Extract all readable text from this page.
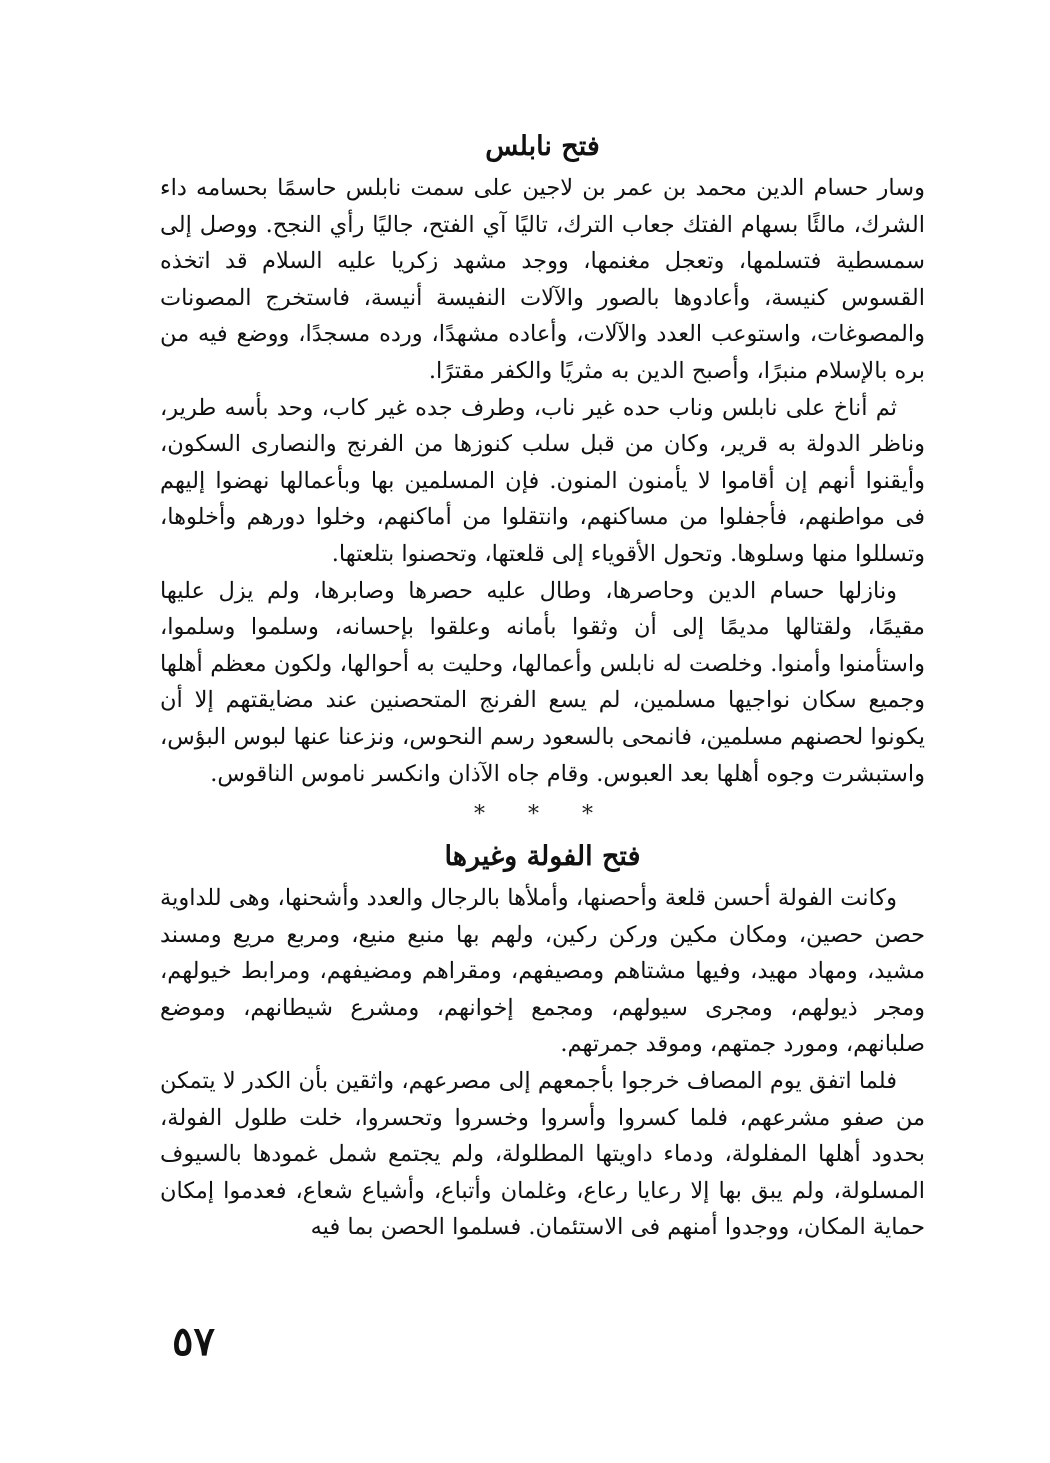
فتح نابلس

وسار حسام الدين محمد بن عمر بن لاجين على سمت نابلس حاسمًا بحسامه داء الشرك، مالئًا بسهام الفتك جعاب الترك، تاليًا آي الفتح، جاليًا رأي النجح. ووصل إلى سمسطية فتسلمها، وتعجل مغنمها، ووجد مشهد زكريا عليه السلام قد اتخذه القسوس كنيسة، وأعادوها بالصور والآلات النفيسة أنيسة، فاستخرج المصونات والمصوغات، واستوعب العدد والآلات، وأعاده مشهدًا، ورده مسجدًا، ووضع فيه من بره بالإسلام منبرًا، وأصبح الدين به مثريًا والكفر مقترًا.

ثم أناخ على نابلس وناب حده غير ناب، وطرف جده غير كاب، وحد بأسه طرير، وناظر الدولة به قرير، وكان من قبل سلب كنوزها من الفرنج والنصارى السكون، وأيقنوا أنهم إن أقاموا لا يأمنون المنون. فإن المسلمين بها وبأعمالها نهضوا إليهم فى مواطنهم، فأجفلوا من مساكنهم، وانتقلوا من أماكنهم، وخلوا دورهم وأخلوها، وتسللوا منها وسلوها. وتحول الأقوياء إلى قلعتها، وتحصنوا بتلعتها.

ونازلها حسام الدين وحاصرها، وطال عليه حصرها وصابرها، ولم يزل عليها مقيمًا، ولقتالها مديمًا إلى أن وثقوا بأمانه وعلقوا بإحسانه، وسلموا وسلموا، واستأمنوا وأمنوا. وخلصت له نابلس وأعمالها، وحليت به أحوالها، ولكون معظم أهلها وجميع سكان نواجيها مسلمين، لم يسع الفرنج المتحصنين عند مضايقتهم إلا أن يكونوا لحصنهم مسلمين، فانمحى بالسعود رسم النحوس، ونزعنا عنها لبوس البؤس، واستبشرت وجوه أهلها بعد العبوس. وقام جاه الآذان وانكسر ناموس الناقوس.

* * *
فتح الفولة وغيرها

وكانت الفولة أحسن قلعة وأحصنها، وأملأها بالرجال والعدد وأشحنها، وهى للداوية حصن حصين، ومكان مكين وركن ركين، ولهم بها منبع منيع، ومربع مريع ومسند مشيد، ومهاد مهيد، وفيها مشتاهم ومصيفهم، ومقراهم ومضيفهم، ومرابط خيولهم، ومجر ذيولهم، ومجرى سيولهم، ومجمع إخوانهم، ومشرع شيطانهم، وموضع صلبانهم، ومورد جمتهم، وموقد جمرتهم.

فلما اتفق يوم المصاف خرجوا بأجمعهم إلى مصرعهم، واثقين بأن الكدر لا يتمكن من صفو مشرعهم، فلما كسروا وأسروا وخسروا وتحسروا، خلت طلول الفولة، بحدود أهلها المفلولة، ودماء داويتها المطلولة، ولم يجتمع شمل غمودها بالسيوف المسلولة، ولم يبق بها إلا رعايا رعاع، وغلمان وأتباع، وأشياع شعاع، فعدموا إمكان حماية المكان، ووجدوا أمنهم فى الاستئمان. فسلموا الحصن بما فيه

٥٧
